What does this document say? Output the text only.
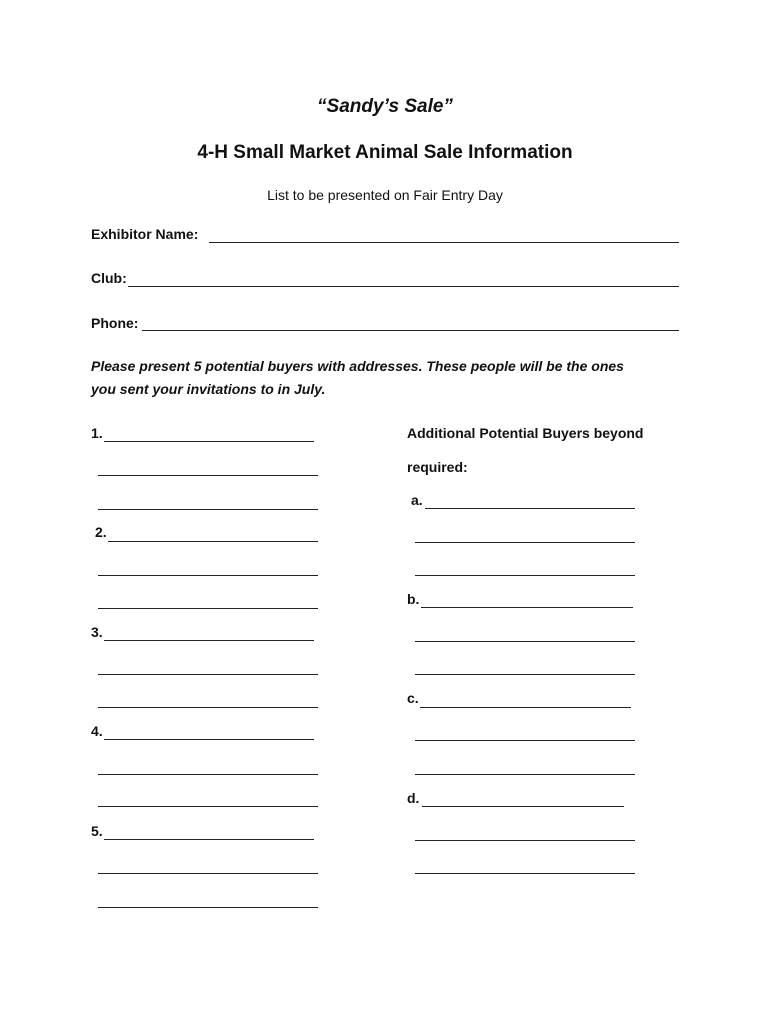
“Sandy’s Sale”
4-H Small Market Animal Sale Information
List to be presented on Fair Entry Day
Exhibitor Name:
Club:
Phone:
Please present 5 potential buyers with addresses. These people will be the ones
you sent your invitations to in July.
1.
2.
3.
4.
5.
Additional Potential Buyers beyond
required:
a.
b.
c.
d.
